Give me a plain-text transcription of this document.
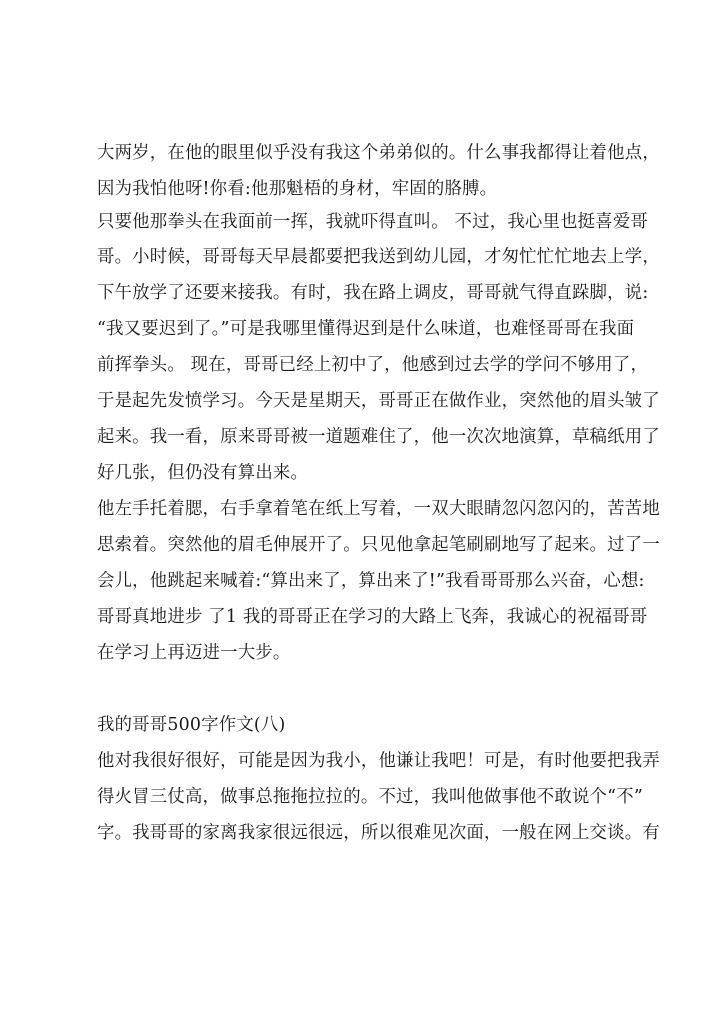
大两岁，在他的眼里似乎没有我这个弟弟似的。什么事我都得让着他点，
因为我怕他呀!你看:他那魁梧的身材，牢固的胳膊。
只要他那拳头在我面前一挥，我就吓得直叫。 不过，我心里也挺喜爱哥
哥。小时候，哥哥每天早晨都要把我送到幼儿园，才匆忙忙忙地去上学，
下午放学了还要来接我。有时，我在路上调皮，哥哥就气得直跺脚，说:
“我又要迟到了。”可是我哪里懂得迟到是什么味道，也难怪哥哥在我面
前挥拳头。 现在，哥哥已经上初中了，他感到过去学的学问不够用了，
于是起先发愤学习。今天是星期天，哥哥正在做作业，突然他的眉头皱了
起来。我一看，原来哥哥被一道题难住了，他一次次地演算，草稿纸用了
好几张，但仍没有算出来。
他左手托着腮，右手拿着笔在纸上写着，一双大眼睛忽闪忽闪的，苦苦地
思索着。突然他的眉毛伸展开了。只见他拿起笔刷刷地写了起来。过了一
会儿，他跳起来喊着:“算出来了，算出来了!”我看哥哥那么兴奋，心想:
哥哥真地进步 了1 我的哥哥正在学习的大路上飞奔，我诚心的祝福哥哥
在学习上再迈进一大步。
我的哥哥500字作文(八)
他对我很好很好，可能是因为我小，他谦让我吧！可是，有时他要把我弄
得火冒三仗高，做事总拖拖拉拉的。不过，我叫他做事他不敢说个“不”
字。我哥哥的家离我家很远很远，所以很难见次面，一般在网上交谈。有
